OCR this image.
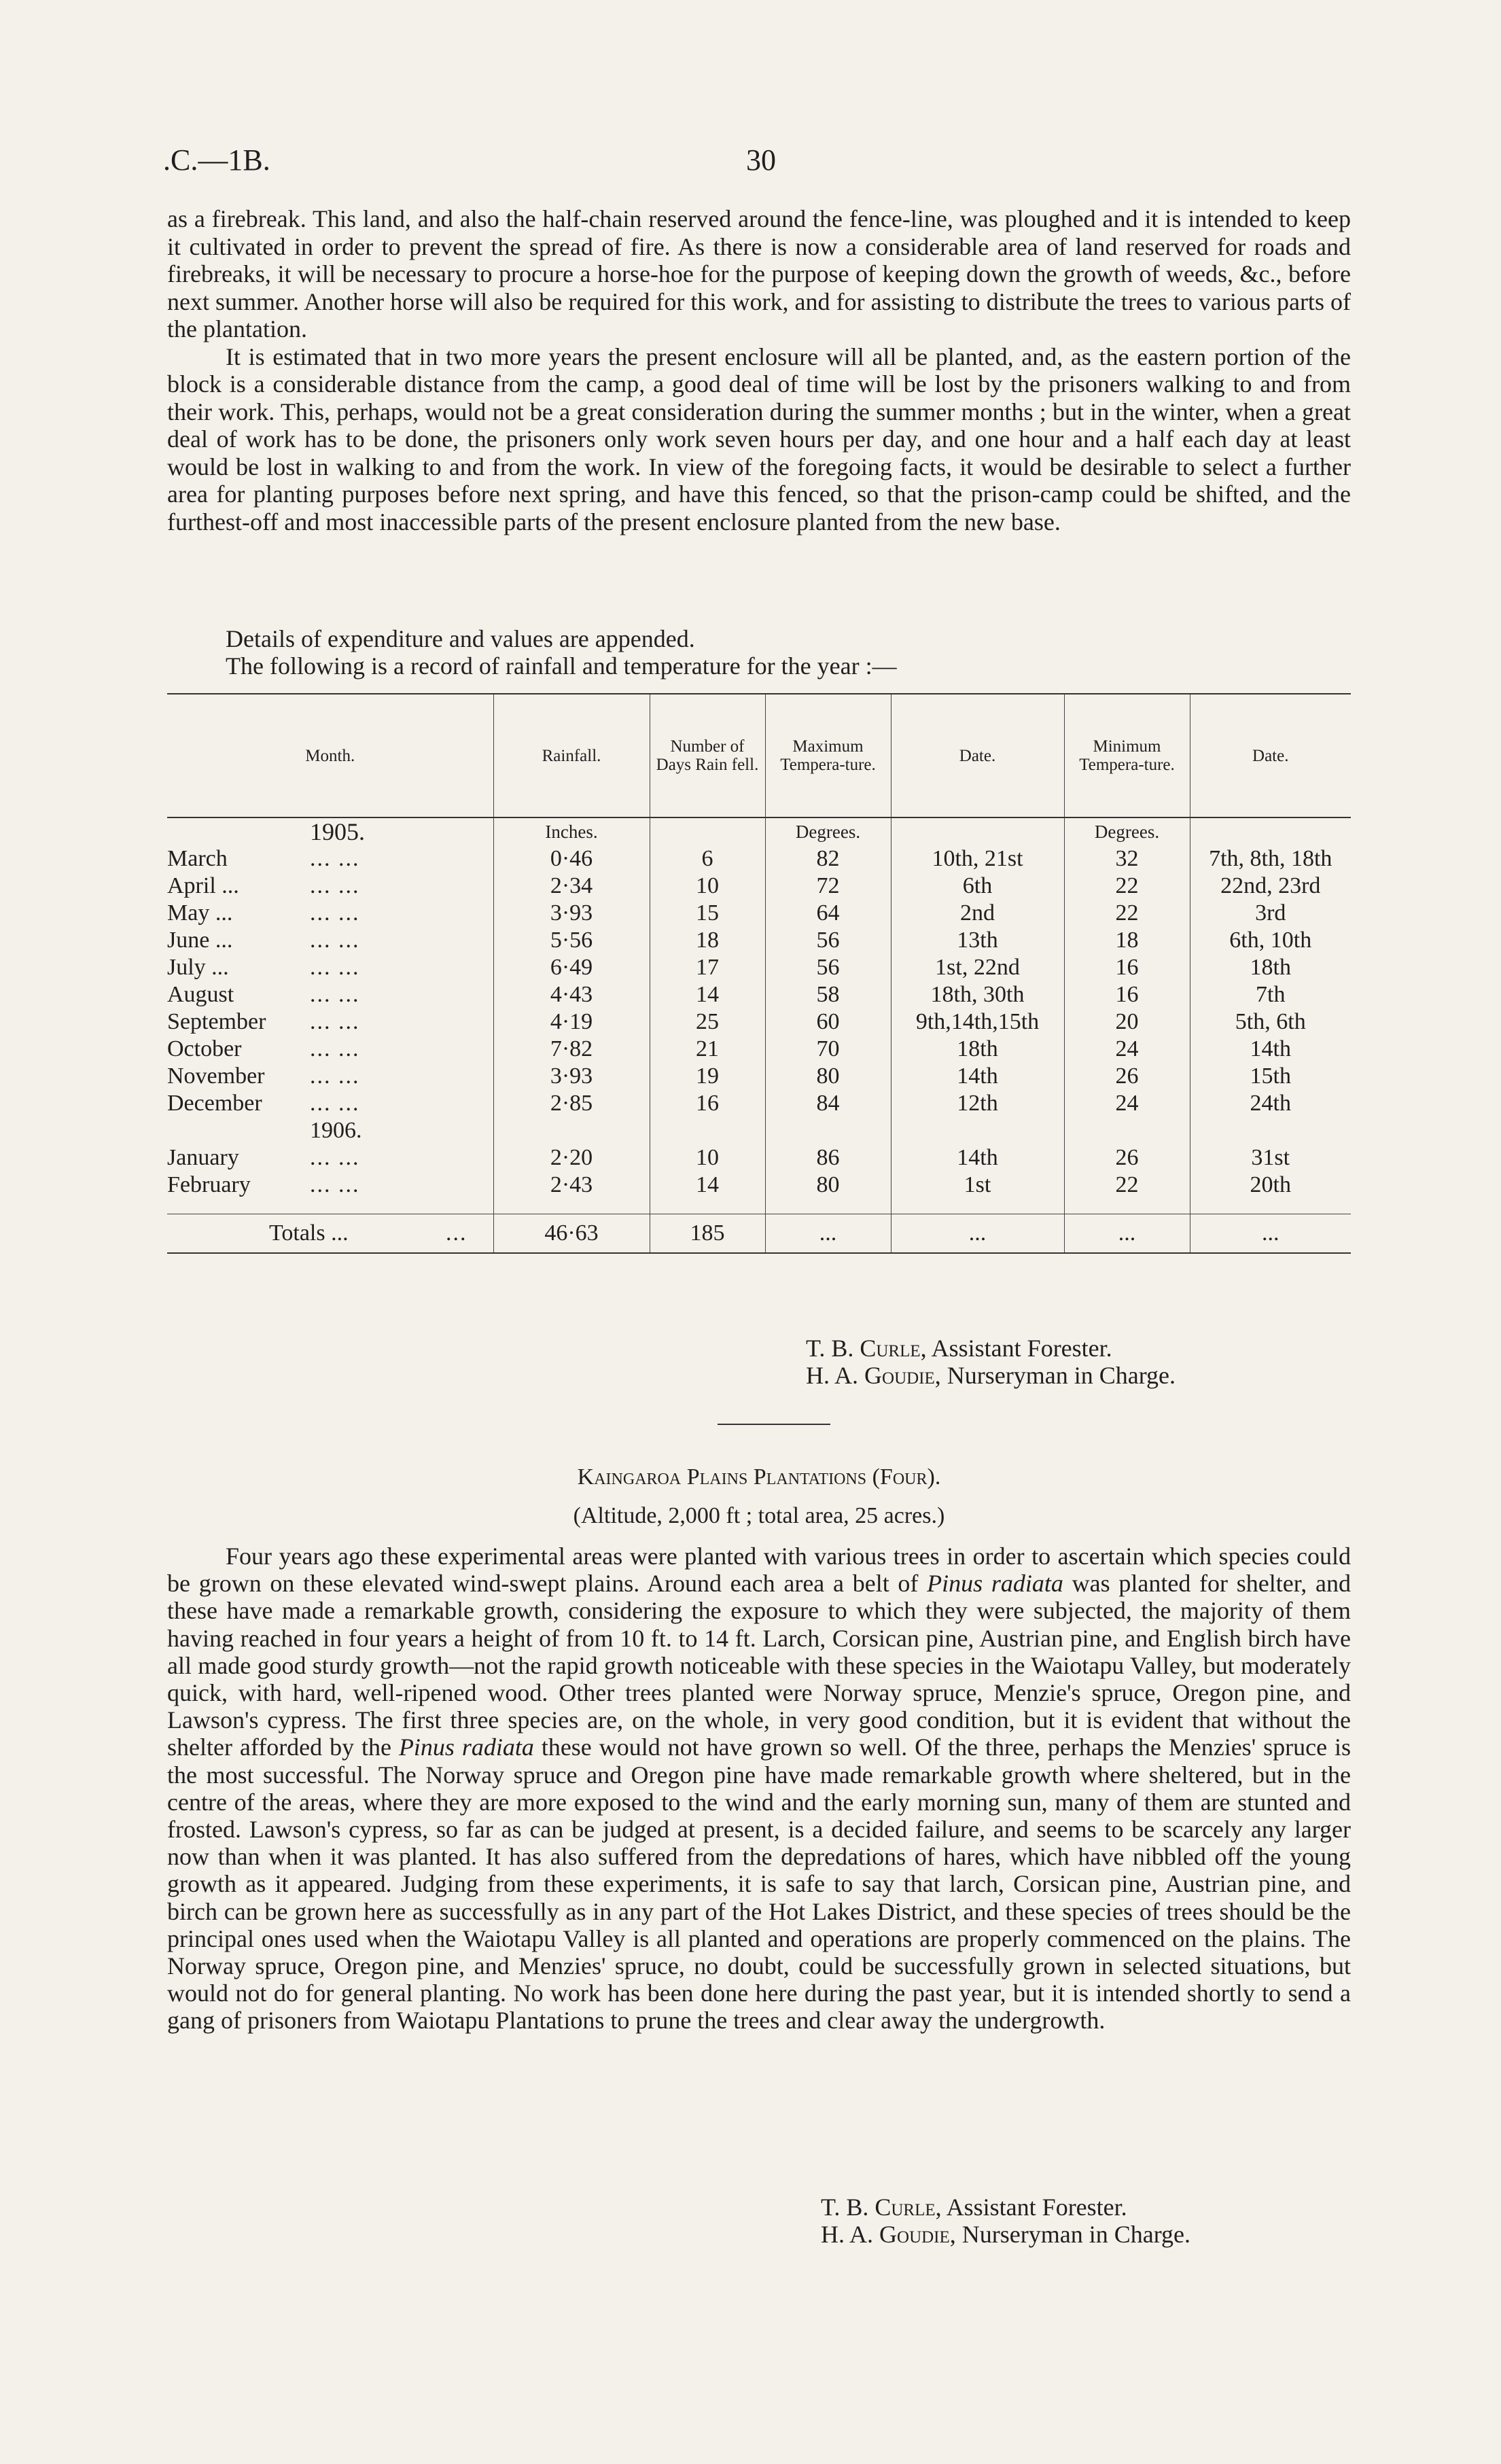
.C.—1B.	30

as a firebreak. This land, and also the half-chain reserved around the fence-line, was ploughed and it is intended to keep it cultivated in order to prevent the spread of fire. As there is now a considerable area of land reserved for roads and firebreaks, it will be necessary to procure a horse-hoe for the purpose of keeping down the growth of weeds, &c., before next summer. Another horse will also be required for this work, and for assisting to distribute the trees to various parts of the plantation.

It is estimated that in two more years the present enclosure will all be planted, and, as the eastern portion of the block is a considerable distance from the camp, a good deal of time will be lost by the prisoners walking to and from their work. This, perhaps, would not be a great consideration during the summer months ; but in the winter, when a great deal of work has to be done, the prisoners only work seven hours per day, and one hour and a half each day at least would be lost in walking to and from the work. In view of the foregoing facts, it would be desirable to select a further area for planting purposes before next spring, and have this fenced, so that the prison-camp could be shifted, and the furthest-off and most inaccessible parts of the present enclosure planted from the new base.

Details of expenditure and values are appended.
The following is a record of rainfall and temperature for the year :—
Month.	Rainfall.	Number of Days Rain fell.	Maximum Tempera-ture.	Date.	Minimum Tempera-ture.	Date.
1905.	Inches.		Degrees.		Degrees.	
March ... ...	0·46	6	82	10th, 21st	32	7th, 8th, 18th
April ... ... ...	2·34	10	72	6th	22	22nd, 23rd
May ... ... ...	3·93	15	64	2nd	22	3rd
June ... ... ...	5·56	18	56	13th	18	6th, 10th
July ... ... ...	6·49	17	56	1st, 22nd	16	18th
August ... ...	4·43	14	58	18th, 30th	16	7th
September ... ...	4·19	25	60	9th,14th,15th	20	5th, 6th
October ... ...	7·82	21	70	18th	24	14th
November ... ...	3·93	19	80	14th	26	15th
December ... ...	2·85	16	84	12th	24	24th
1906.						
January ... ...	2·20	10	86	14th	26	31st
February ... ...	2·43	14	80	1st	22	20th

Totals ... ...	46·63	185	...	...	...	...
T. B. Curle, Assistant Forester.
H. A. Goudie, Nurseryman in Charge.
Kaingaroa Plains Plantations (Four).
(Altitude, 2,000 ft ; total area, 25 acres.)

Four years ago these experimental areas were planted with various trees in order to ascertain which species could be grown on these elevated wind-swept plains. Around each area a belt of Pinus radiata was planted for shelter, and these have made a remarkable growth, considering the exposure to which they were subjected, the majority of them having reached in four years a height of from 10 ft. to 14 ft. Larch, Corsican pine, Austrian pine, and English birch have all made good sturdy growth—not the rapid growth noticeable with these species in the Waiotapu Valley, but moderately quick, with hard, well-ripened wood. Other trees planted were Norway spruce, Menzie's spruce, Oregon pine, and Lawson's cypress. The first three species are, on the whole, in very good condition, but it is evident that without the shelter afforded by the Pinus radiata these would not have grown so well. Of the three, perhaps the Menzies' spruce is the most successful. The Norway spruce and Oregon pine have made remarkable growth where sheltered, but in the centre of the areas, where they are more exposed to the wind and the early morning sun, many of them are stunted and frosted. Lawson's cypress, so far as can be judged at present, is a decided failure, and seems to be scarcely any larger now than when it was planted. It has also suffered from the depredations of hares, which have nibbled off the young growth as it appeared. Judging from these experiments, it is safe to say that larch, Corsican pine, Austrian pine, and birch can be grown here as successfully as in any part of the Hot Lakes District, and these species of trees should be the principal ones used when the Waiotapu Valley is all planted and operations are properly commenced on the plains. The Norway spruce, Oregon pine, and Menzies' spruce, no doubt, could be successfully grown in selected situations, but would not do for general planting. No work has been done here during the past year, but it is intended shortly to send a gang of prisoners from Waiotapu Plantations to prune the trees and clear away the undergrowth.

T. B. Curle, Assistant Forester.
H. A. Goudie, Nurseryman in Charge.
